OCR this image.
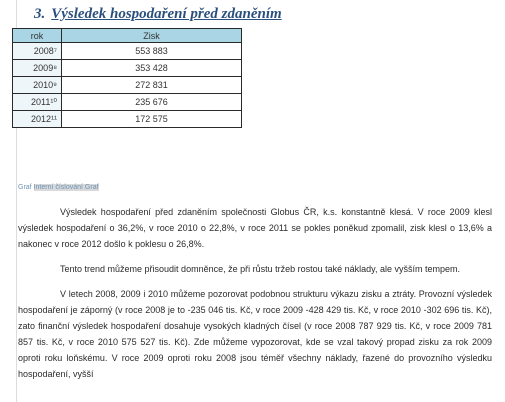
3. Výsledek hospodaření před zdaněním
rok	Zisk
2008⁷	553 883
2009⁸	353 428
2010⁹	272 831
2011¹⁰	235 676
2012¹¹	172 575
Graf Interní číslování Graf

Výsledek hospodaření před zdaněním společnosti Globus ČR, k.s. konstantně klesá. V roce 2009 klesl výsledek hospodaření o 36,2%, v roce 2010 o 22,8%, v roce 2011 se pokles poněkud zpomalil, zisk klesl o 13,6% a nakonec v roce 2012 došlo k poklesu o 26,8%.

Tento trend můžeme přisoudit domněnce, že při růstu tržeb rostou také náklady, ale vyšším tempem.

V letech 2008, 2009 i 2010 můžeme pozorovat podobnou strukturu výkazu zisku a ztráty. Provozní výsledek hospodaření je záporný (v roce 2008 je to -235 046 tis. Kč, v roce 2009 -428 429 tis. Kč, v roce 2010 -302 696 tis. Kč), zato finanční výsledek hospodaření dosahuje vysokých kladných čísel (v roce 2008 787 929 tis. Kč, v roce 2009 781 857 tis. Kč, v roce 2010 575 527 tis. Kč). Zde můžeme vypozorovat, kde se vzal takový propad zisku za rok 2009 oproti roku loňskému. V roce 2009 oproti roku 2008 jsou téměř všechny náklady, řazené do provozního výsledku hospodaření, vyšší
